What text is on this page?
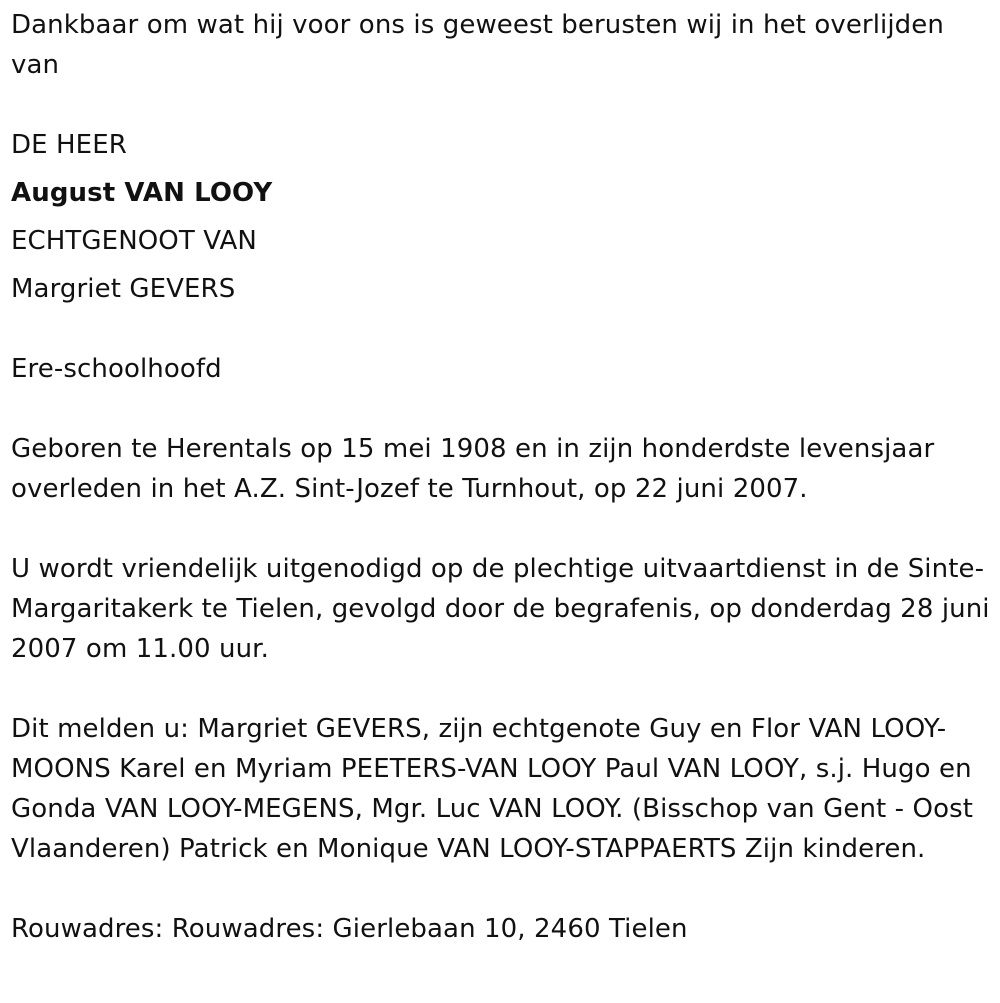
Dankbaar om wat hij voor ons is geweest berusten wij in het overlijden van

DE HEER

August VAN LOOY

ECHTGENOOT VAN

Margriet GEVERS

Ere-schoolhoofd

Geboren te Herentals op 15 mei 1908 en in zijn honderdste levensjaar overleden in het A.Z. Sint-Jozef te Turnhout, op 22 juni 2007.

U wordt vriendelijk uitgenodigd op de plechtige uitvaartdienst in de Sinte-Margaritakerk te Tielen, gevolgd door de begrafenis, op donderdag 28 juni 2007 om 11.00 uur.

Dit melden u: Margriet GEVERS, zijn echtgenote Guy en Flor VAN LOOY-MOONS Karel en Myriam PEETERS-VAN LOOY Paul VAN LOOY, s.j. Hugo en Gonda VAN LOOY-MEGENS, Mgr. Luc VAN LOOY. (Bisschop van Gent - Oost Vlaanderen) Patrick en Monique VAN LOOY-STAPPAERTS Zijn kinderen.

Rouwadres: Rouwadres: Gierlebaan 10, 2460 Tielen
